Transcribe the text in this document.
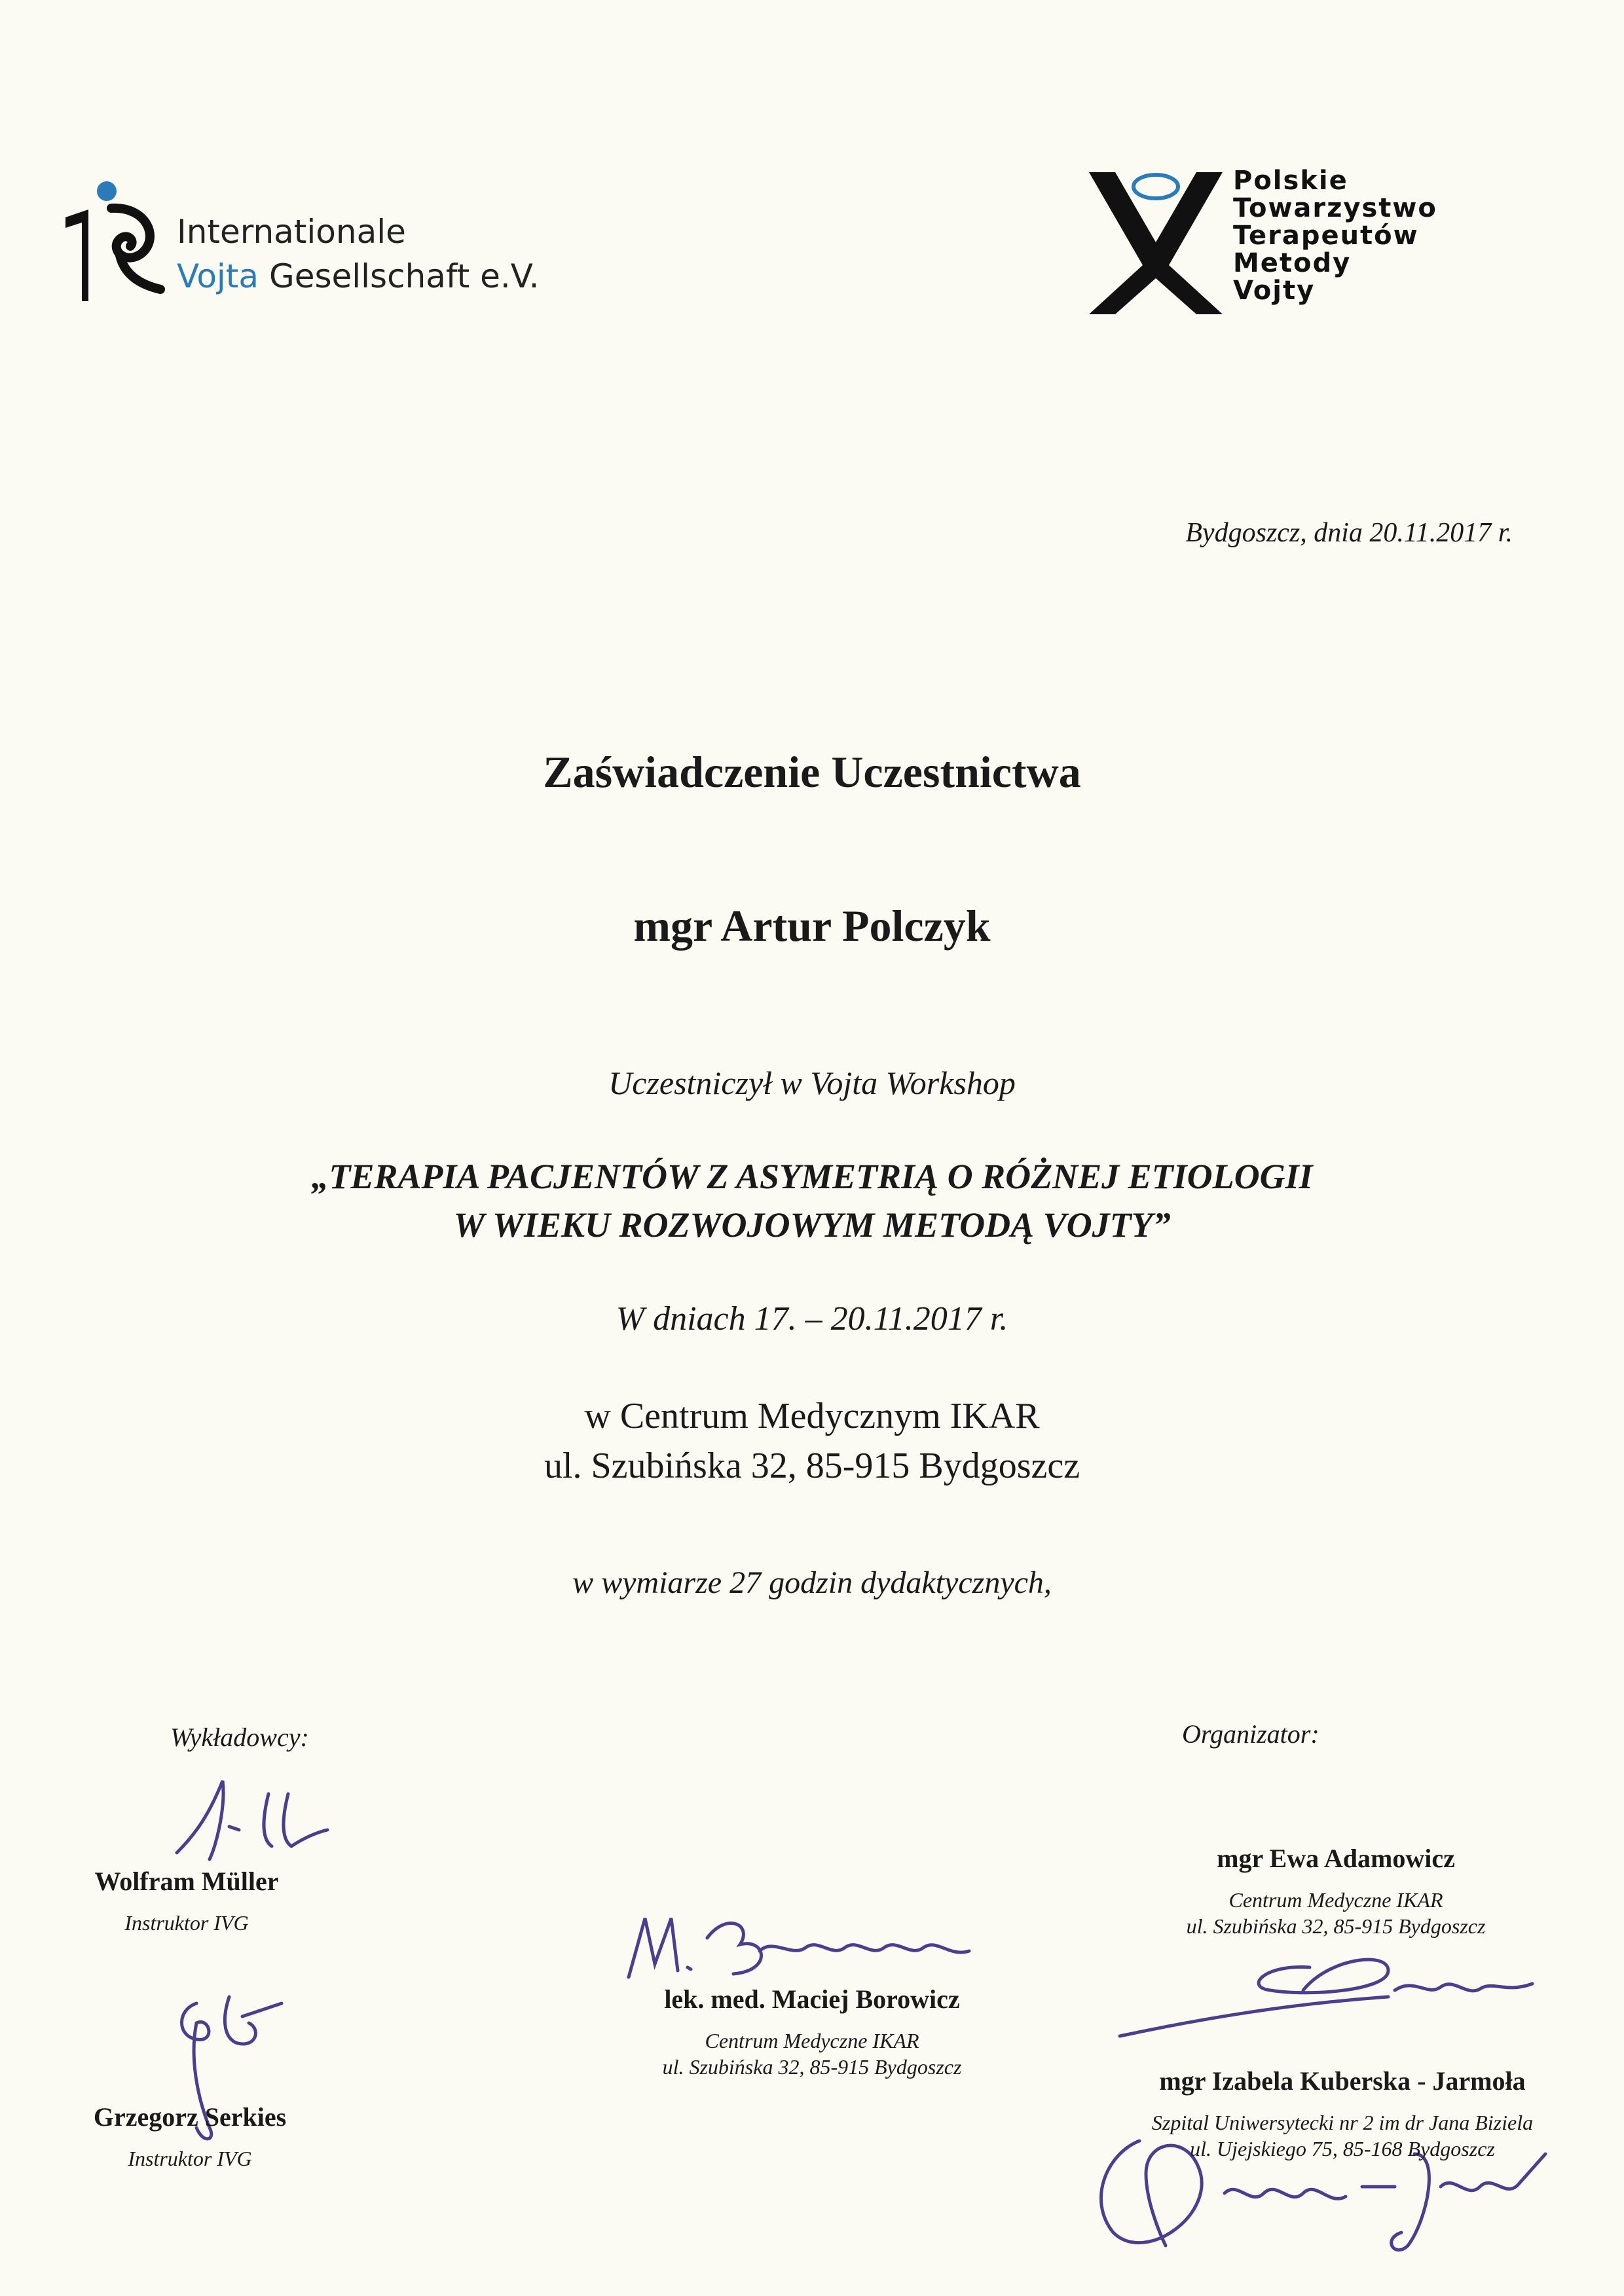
Internationale
Vojta Gesellschaft e.V.
Polskie
Towarzystwo
Terapeutów
Metody
Vojty
Bydgoszcz, dnia 20.11.2017 r.
Zaświadczenie Uczestnictwa
mgr Artur Polczyk
Uczestniczył w Vojta Workshop
„TERAPIA PACJENTÓW Z ASYMETRIĄ O RÓŻNEJ ETIOLOGII
W WIEKU ROZWOJOWYM METODĄ VOJTY”
W dniach 17. – 20.11.2017 r.
w Centrum Medycznym IKAR
ul. Szubińska 32, 85-915 Bydgoszcz
w wymiarze 27 godzin dydaktycznych,
Wykładowcy:	Organizator:
Wolfram Müller
Instruktor IVG
Grzegorz Serkies
Instruktor IVG
lek. med. Maciej Borowicz
Centrum Medyczne IKAR
ul. Szubińska 32, 85-915 Bydgoszcz
mgr Ewa Adamowicz
Centrum Medyczne IKAR
ul. Szubińska 32, 85-915 Bydgoszcz
mgr Izabela Kuberska - Jarmoła
Szpital Uniwersytecki nr 2 im dr Jana Biziela
ul. Ujejskiego 75, 85-168 Bydgoszcz
